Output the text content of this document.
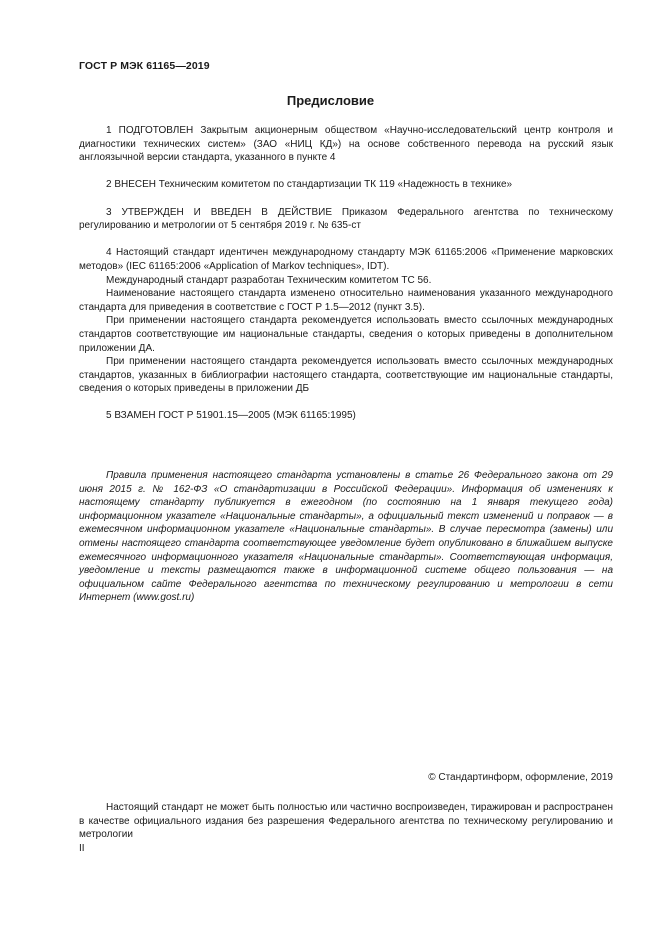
ГОСТ Р МЭК 61165—2019
Предисловие

1 ПОДГОТОВЛЕН Закрытым акционерным обществом «Научно-исследовательский центр контроля и диагностики технических систем» (ЗАО «НИЦ КД») на основе собственного перевода на русский язык англоязычной версии стандарта, указанного в пункте 4

2 ВНЕСЕН Техническим комитетом по стандартизации ТК 119 «Надежность в технике»

3 УТВЕРЖДЕН И ВВЕДЕН В ДЕЙСТВИЕ Приказом Федерального агентства по техническому регулированию и метрологии от 5 сентября 2019 г. № 635-ст

4 Настоящий стандарт идентичен международному стандарту МЭК 61165:2006 «Применение марковских методов» (IEC 61165:2006 «Application of Markov techniques», IDT).

Международный стандарт разработан Техническим комитетом ТС 56.

Наименование настоящего стандарта изменено относительно наименования указанного международного стандарта для приведения в соответствие с ГОСТ Р 1.5—2012 (пункт 3.5).

При применении настоящего стандарта рекомендуется использовать вместо ссылочных международных стандартов соответствующие им национальные стандарты, сведения о которых приведены в дополнительном приложении ДА.

При применении настоящего стандарта рекомендуется использовать вместо ссылочных международных стандартов, указанных в библиографии настоящего стандарта, соответствующие им национальные стандарты, сведения о которых приведены в приложении ДБ

5 ВЗАМЕН ГОСТ Р 51901.15—2005 (МЭК 61165:1995)

Правила применения настоящего стандарта установлены в статье 26 Федерального закона от 29 июня 2015 г. № 162-ФЗ «О стандартизации в Российской Федерации». Информация об изменениях к настоящему стандарту публикуется в ежегодном (по состоянию на 1 января текущего года) информационном указателе «Национальные стандарты», а официальный текст изменений и поправок — в ежемесячном информационном указателе «Национальные стандарты». В случае пересмотра (замены) или отмены настоящего стандарта соответствующее уведомление будет опубликовано в ближайшем выпуске ежемесячного информационного указателя «Национальные стандарты». Соответствующая информация, уведомление и тексты размещаются также в информационной системе общего пользования — на официальном сайте Федерального агентства по техническому регулированию и метрологии в сети Интернет (www.gost.ru)

© Стандартинформ, оформление, 2019

Настоящий стандарт не может быть полностью или частично воспроизведен, тиражирован и распространен в качестве официального издания без разрешения Федерального агентства по техническому регулированию и метрологии

II
